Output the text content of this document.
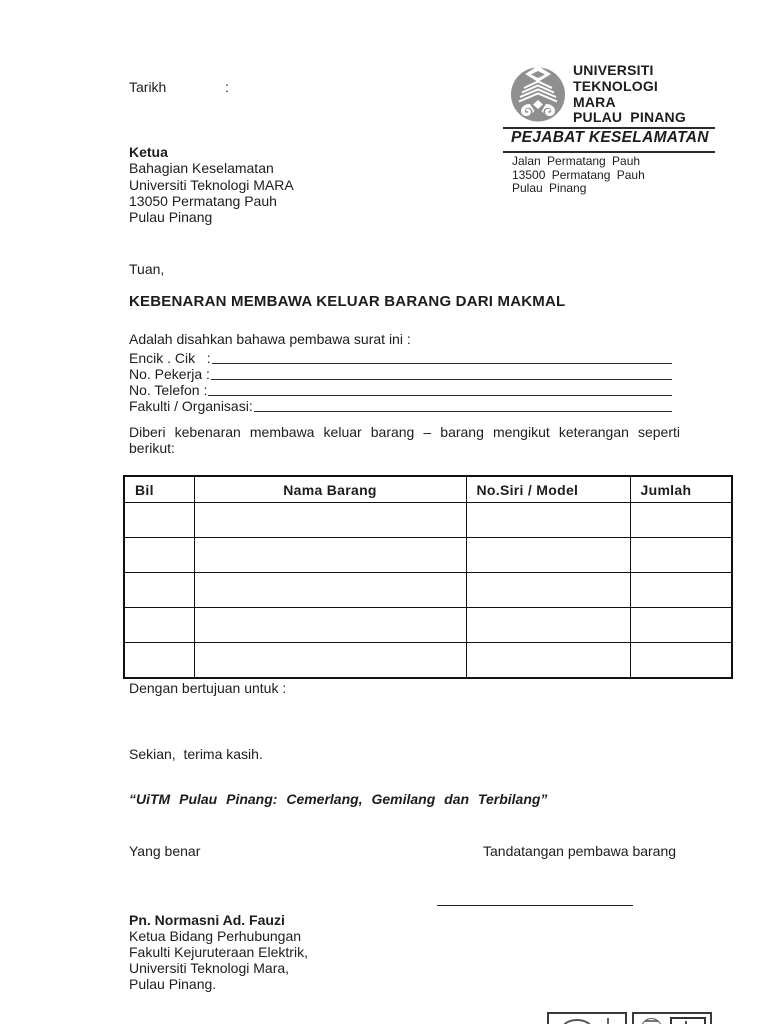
Tarikh	:
UNIVERSITI
TEKNOLOGI
MARA
PULAU PINANG
PEJABAT KESELAMATAN
Jalan Permatang Pauh
13500 Permatang Pauh
Pulau Pinang
Ketua
Bahagian Keselamatan
Universiti Teknologi MARA
13050 Permatang Pauh
Pulau Pinang
Tuan,
KEBENARAN MEMBAWA KELUAR BARANG DARI MAKMAL
Adalah disahkan bahawa pembawa surat ini :
Encik . Cik   :
No. Pekerja :
No. Telefon :
Fakulti / Organisasi:
Diberi kebenaran membawa keluar barang – barang mengikut keterangan seperti berikut:
Bil	Nama Barang	No.Siri / Model	Jumlah

Dengan bertujuan untuk :
Sekian,  terima kasih.
“UiTM Pulau Pinang: Cemerlang, Gemilang dan Terbilang”
Yang benar	Tandatangan pembawa barang
Pn. Normasni Ad. Fauzi
Ketua Bidang Perhubungan
Fakulti Kejuruteraan Elektrik,
Universiti Teknologi Mara,
Pulau Pinang.
